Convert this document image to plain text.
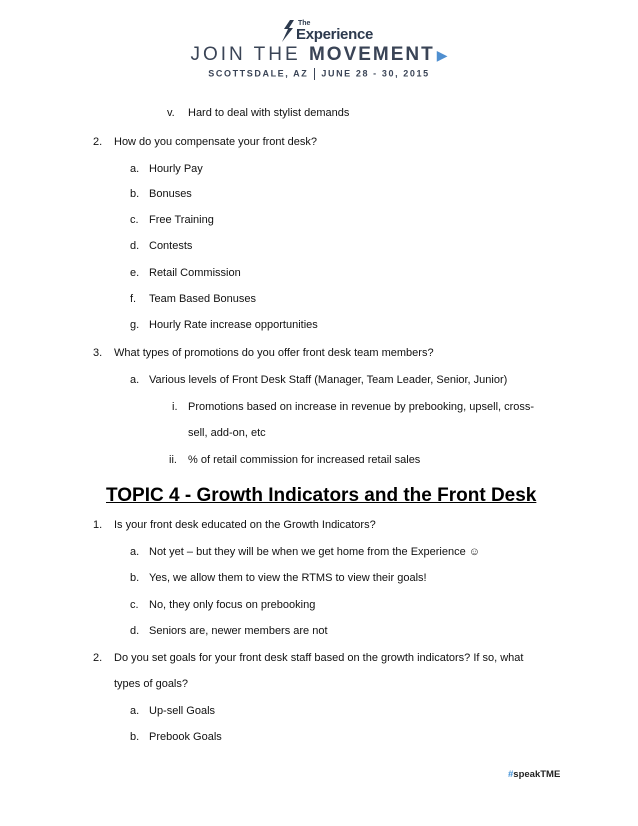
The
Experience
JOIN THE MOVEMENT ▶
SCOTTSDALE, AZ JUNE 28 - 30, 2015
v. Hard to deal with stylist demands
2. How do you compensate your front desk?
a. Hourly Pay
b. Bonuses
c. Free Training
d. Contests
e. Retail Commission
f. Team Based Bonuses
g. Hourly Rate increase opportunities
3. What types of promotions do you offer front desk team members?
a. Various levels of Front Desk Staff (Manager, Team Leader, Senior, Junior)
i. Promotions based on increase in revenue by prebooking, upsell, cross-
sell, add-on, etc
ii. % of retail commission for increased retail sales
TOPIC 4 - Growth Indicators and the Front Desk
1. Is your front desk educated on the Growth Indicators?
a. Not yet – but they will be when we get home from the Experience ☺
b. Yes, we allow them to view the RTMS to view their goals!
c. No, they only focus on prebooking
d. Seniors are, newer members are not
2. Do you set goals for your front desk staff based on the growth indicators? If so, what
types of goals?
a. Up-sell Goals
b. Prebook Goals
#speakTME
